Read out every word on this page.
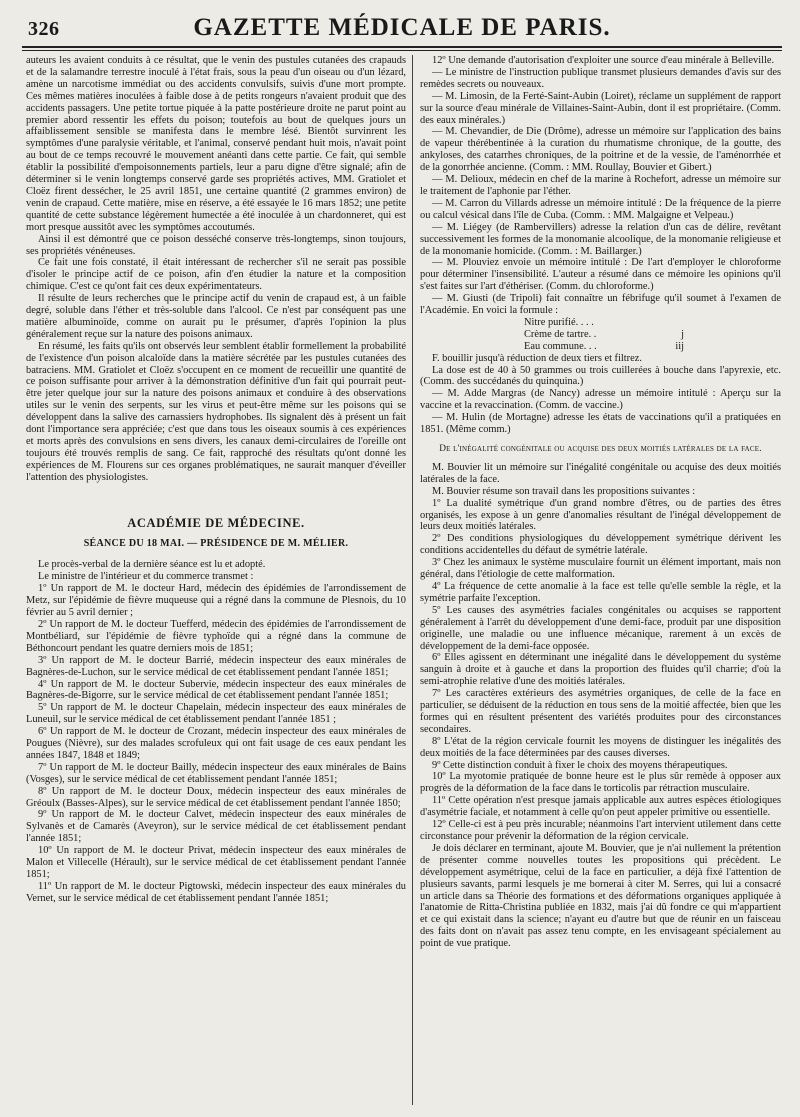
326	GAZETTE MÉDICALE DE PARIS.

auteurs les avaient conduits à ce résultat, que le venin des pustules cutanées des crapauds et de la salamandre terrestre inoculé à l'état frais, sous la peau d'un oiseau ou d'un lézard, amène un narcotisme immédiat ou des accidents convulsifs, suivis d'une mort prompte. Ces mêmes matières inoculées à faible dose à de petits rongeurs n'avaient produit que des accidents passagers. Une petite tortue piquée à la patte postérieure droite ne parut point au premier abord ressentir les effets du poison; toutefois au bout de quelques jours un affaiblissement sensible se manifesta dans le membre lésé. Bientôt survinrent les symptômes d'une paralysie véritable, et l'animal, conservé pendant huit mois, n'avait point au bout de ce temps recouvré le mouvement anéanti dans cette partie. Ce fait, qui semble établir la possibilité d'empoisonnements partiels, leur a paru digne d'être signalé; afin de déterminer si le venin longtemps conservé garde ses propriétés actives, MM. Gratiolet et Cloëz firent dessécher, le 25 avril 1851, une certaine quantité (2 grammes environ) de venin de crapaud. Cette matière, mise en réserve, a été essayée le 16 mars 1852; une petite quantité de cette substance légèrement humectée a été inoculée à un chardonneret, qui est mort presque aussitôt avec les symptômes accoutumés.

Ainsi il est démontré que ce poison desséché conserve très-longtemps, sinon toujours, ses propriétés vénéneuses.

Ce fait une fois constaté, il était intéressant de rechercher s'il ne serait pas possible d'isoler le principe actif de ce poison, afin d'en étudier la nature et la composition chimique. C'est ce qu'ont fait ces deux expérimentateurs.

Il résulte de leurs recherches que le principe actif du venin de crapaud est, à un faible degré, soluble dans l'éther et très-soluble dans l'alcool. Ce n'est par conséquent pas une matière albuminoïde, comme on aurait pu le présumer, d'après l'opinion la plus généralement reçue sur la nature des poisons animaux.

En résumé, les faits qu'ils ont observés leur semblent établir formellement la probabilité de l'existence d'un poison alcaloïde dans la matière sécrétée par les pustules cutanées des batraciens. MM. Gratiolet et Cloëz s'occupent en ce moment de recueillir une quantité de ce poison suffisante pour arriver à la démonstration définitive d'un fait qui pourrait peut-être jeter quelque jour sur la nature des poisons animaux et conduire à des observations utiles sur le venin des serpents, sur les virus et peut-être même sur les poisons qui se développent dans la salive des carnassiers hydrophobes. Ils signalent dès à présent un fait dont l'importance sera appréciée; c'est que dans tous les oiseaux soumis à ces expériences et morts après des convulsions en sens divers, les canaux demi-circulaires de l'oreille ont toujours été trouvés remplis de sang. Ce fait, rapproché des résultats qu'ont donné les expériences de M. Flourens sur ces organes problématiques, ne saurait manquer d'éveiller l'attention des physiologistes.

ACADÉMIE DE MÉDECINE.

SÉANCE DU 18 MAI. — PRÉSIDENCE DE M. MÉLIER.

Le procès-verbal de la dernière séance est lu et adopté.

Le ministre de l'intérieur et du commerce transmet :

1º Un rapport de M. le docteur Hard, médecin des épidémies de l'arrondissement de Metz, sur l'épidémie de fièvre muqueuse qui a régné dans la commune de Plesnois, du 10 février au 5 avril dernier ;

2º Un rapport de M. le docteur Tuefferd, médecin des épidémies de l'arrondissement de Montbéliard, sur l'épidémie de fièvre typhoïde qui a régné dans la commune de Béthoncourt pendant les quatre derniers mois de 1851;

3º Un rapport de M. le docteur Barrié, médecin inspecteur des eaux minérales de Bagnères-de-Luchon, sur le service médical de cet établissement pendant l'année 1851;

4º Un rapport de M. le docteur Subervie, médecin inspecteur des eaux minérales de Bagnères-de-Bigorre, sur le service médical de cet établissement pendant l'année 1851;

5º Un rapport de M. le docteur Chapelain, médecin inspecteur des eaux minérales de Luneuil, sur le service médical de cet établissement pendant l'année 1851 ;

6º Un rapport de M. le docteur de Crozant, médecin inspecteur des eaux minérales de Pougues (Nièvre), sur des malades scrofuleux qui ont fait usage de ces eaux pendant les années 1847, 1848 et 1849;

7º Un rapport de M. le docteur Bailly, médecin inspecteur des eaux minérales de Bains (Vosges), sur le service médical de cet établissement pendant l'année 1851;

8º Un rapport de M. le docteur Doux, médecin inspecteur des eaux minérales de Gréoulx (Basses-Alpes), sur le service médical de cet établissement pendant l'année 1850;

9º Un rapport de M. le docteur Calvet, médecin inspecteur des eaux minérales de Sylvanès et de Camarès (Aveyron), sur le service médical de cet établissement pendant l'année 1851;

10º Un rapport de M. le docteur Privat, médecin inspecteur des eaux minérales de Malon et Villecelle (Hérault), sur le service médical de cet établissement pendant l'année 1851;

11º Un rapport de M. le docteur Pigtowski, médecin inspecteur des eaux minérales du Vernet, sur le service médical de cet établissement pendant l'année 1851;

12º Une demande d'autorisation d'exploiter une source d'eau minérale à Belleville.

— Le ministre de l'instruction publique transmet plusieurs demandes d'avis sur des remèdes secrets ou nouveaux.

— M. Limosin, de la Ferté-Saint-Aubin (Loiret), réclame un supplément de rapport sur la source d'eau minérale de Villaines-Saint-Aubin, dont il est propriétaire. (Comm. des eaux minérales.)

— M. Chevandier, de Die (Drôme), adresse un mémoire sur l'application des bains de vapeur thérébentinée à la curation du rhumatisme chronique, de la goutte, des ankyloses, des catarrhes chroniques, de la poitrine et de la vessie, de l'aménorrhée et de la gonorrhée ancienne. (Comm. : MM. Roullay, Bouvier et Gibert.)

— M. Delioux, médecin en chef de la marine à Rochefort, adresse un mémoire sur le traitement de l'aphonie par l'éther.

— M. Carron du Villards adresse un mémoire intitulé : De la fréquence de la pierre ou calcul vésical dans l'île de Cuba. (Comm. : MM. Malgaigne et Velpeau.)

— M. Liégey (de Rambervillers) adresse la relation d'un cas de délire, revêtant successivement les formes de la monomanie alcoolique, de la monomanie religieuse et de la monomanie homicide. (Comm. : M. Baillarger.)

— M. Plouviez envoie un mémoire intitulé : De l'art d'employer le chloroforme pour déterminer l'insensibilité. L'auteur a résumé dans ce mémoire les opinions qu'il s'est faites sur l'art d'éthériser. (Comm. du chloroforme.)

— M. Giusti (de Tripoli) fait connaître un fébrifuge qu'il soumet à l'examen de l'Académie. En voici la formule :

Nitre purifié. . . .
Crème de tartre. .	j
Eau commune. . .	iij

F. bouillir jusqu'à réduction de deux tiers et filtrez.

La dose est de 40 à 50 grammes ou trois cuillerées à bouche dans l'apyrexie, etc. (Comm. des succédanés du quinquina.)

— M. Adde Margras (de Nancy) adresse un mémoire intitulé : Aperçu sur la vaccine et la revaccination. (Comm. de vaccine.)

— M. Hulin (de Mortagne) adresse les états de vaccinations qu'il a pratiquées en 1851. (Même comm.)

De l'inégalité congénitale ou acquise des deux moitiés latérales de la face.

M. Bouvier lit un mémoire sur l'inégalité congénitale ou acquise des deux moitiés latérales de la face.

M. Bouvier résume son travail dans les propositions suivantes :

1º La dualité symétrique d'un grand nombre d'êtres, ou de parties des êtres organisés, les expose à un genre d'anomalies résultant de l'inégal développement de leurs deux moitiés latérales.

2º Des conditions physiologiques du développement symétrique dérivent les conditions accidentelles du défaut de symétrie latérale.

3º Chez les animaux le système musculaire fournit un élément important, mais non général, dans l'étiologie de cette malformation.

4º La fréquence de cette anomalie à la face est telle qu'elle semble la règle, et la symétrie parfaite l'exception.

5º Les causes des asymétries faciales congénitales ou acquises se rapportent généralement à l'arrêt du développement d'une demi-face, produit par une disposition originelle, une maladie ou une influence mécanique, rarement à un excès de développement de la demi-face opposée.

6º Elles agissent en déterminant une inégalité dans le développement du système sanguin à droite et à gauche et dans la proportion des fluides qu'il charrie; d'où la semi-atrophie relative d'une des moitiés latérales.

7º Les caractères extérieurs des asymétries organiques, de celle de la face en particulier, se déduisent de la réduction en tous sens de la moitié affectée, bien que les formes qui en résultent présentent des variétés produites pour des circonstances secondaires.

8º L'état de la région cervicale fournit les moyens de distinguer les inégalités des deux moitiés de la face déterminées par des causes diverses.

9º Cette distinction conduit à fixer le choix des moyens thérapeutiques.

10º La myotomie pratiquée de bonne heure est le plus sûr remède à opposer aux progrès de la déformation de la face dans le torticolis par rétraction musculaire.

11º Cette opération n'est presque jamais applicable aux autres espèces étiologiques d'asymétrie faciale, et notamment à celle qu'on peut appeler primitive ou essentielle.

12º Celle-ci est à peu près incurable; néanmoins l'art intervient utilement dans cette circonstance pour prévenir la déformation de la région cervicale.

Je dois déclarer en terminant, ajoute M. Bouvier, que je n'ai nullement la prétention de présenter comme nouvelles toutes les propositions qui précèdent. Le développement asymétrique, celui de la face en particulier, a déjà fixé l'attention de plusieurs savants, parmi lesquels je me bornerai à citer M. Serres, qui lui a consacré un article dans sa Théorie des formations et des déformations organiques appliquée à l'anatomie de Ritta-Christina publiée en 1832, mais j'ai dû fondre ce qui m'appartient et ce qui existait dans la science; n'ayant eu d'autre but que de réunir en un faisceau des faits dont on n'avait pas assez tenu compte, en les envisageant spécialement au point de vue pratique.
